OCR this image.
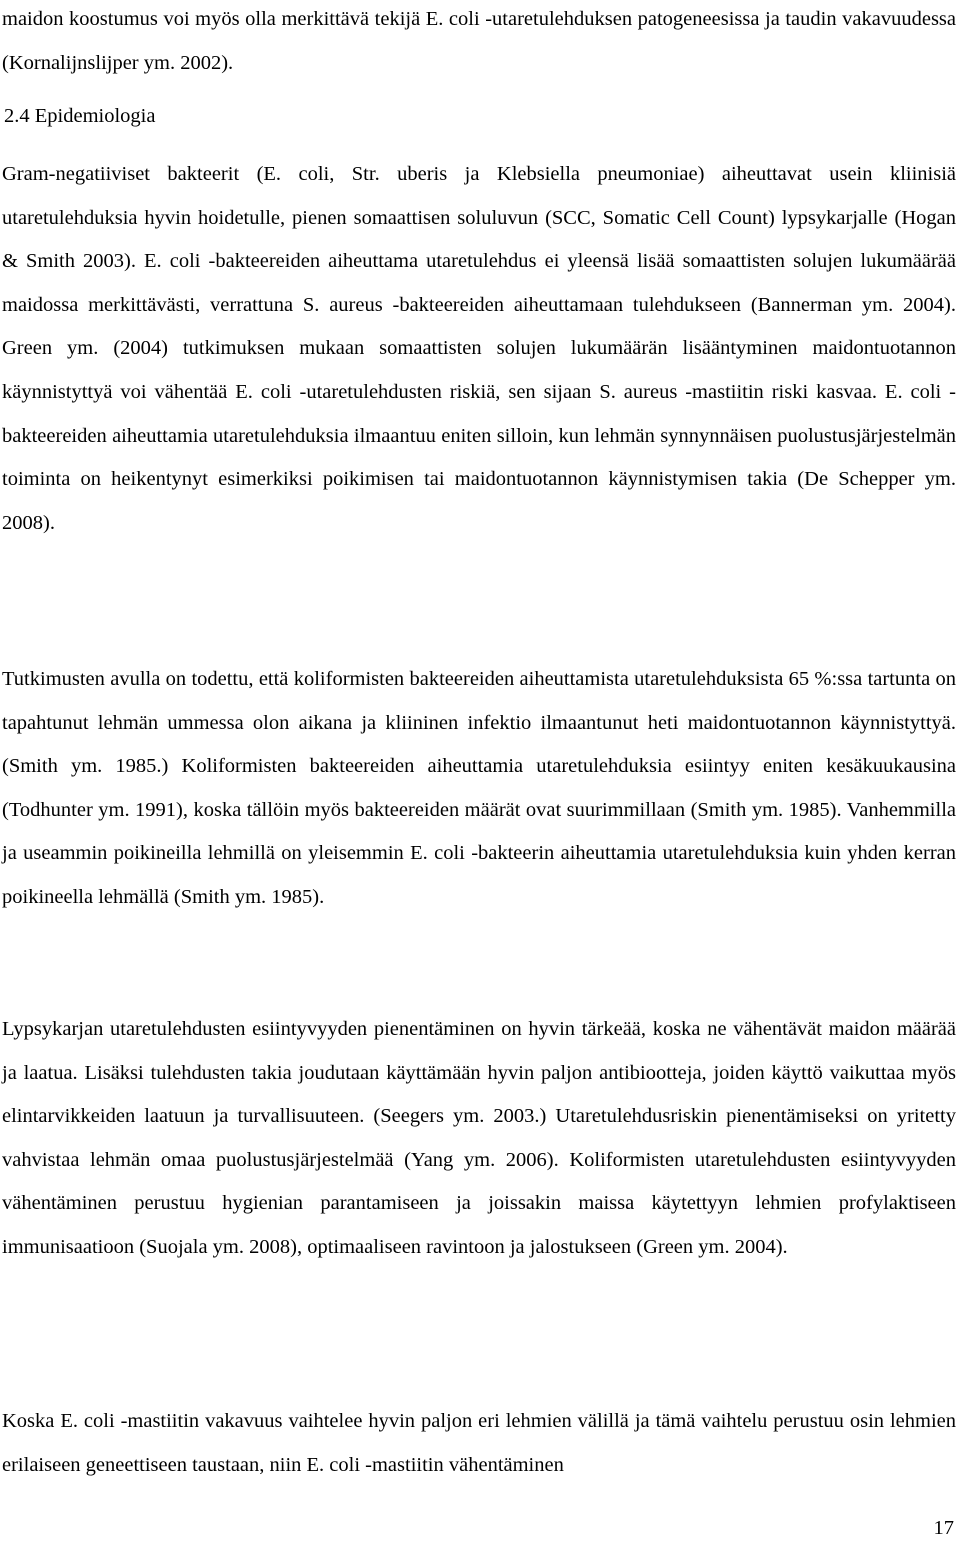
maidon koostumus voi myös olla merkittävä tekijä E. coli -utaretulehduksen patogeneesissa ja taudin vakavuudessa (Kornalijnslijper ym. 2002).

2.4 Epidemiologia

Gram-negatiiviset bakteerit (E. coli, Str. uberis ja Klebsiella pneumoniae) aiheuttavat usein kliinisiä utaretulehduksia hyvin hoidetulle, pienen somaattisen soluluvun (SCC, Somatic Cell Count) lypsykarjalle (Hogan & Smith 2003). E. coli -bakteereiden aiheuttama utaretulehdus ei yleensä lisää somaattisten solujen lukumäärää maidossa merkittävästi, verrattuna S. aureus -bakteereiden aiheuttamaan tulehdukseen (Bannerman ym. 2004). Green ym. (2004) tutkimuksen mukaan somaattisten solujen lukumäärän lisääntyminen maidontuotannon käynnistyttyä voi vähentää E. coli -utaretulehdusten riskiä, sen sijaan S. aureus -mastiitin riski kasvaa. E. coli -bakteereiden aiheuttamia utaretulehduksia ilmaantuu eniten silloin, kun lehmän synnynnäisen puolustusjärjestelmän toiminta on heikentynyt esimerkiksi poikimisen tai maidontuotannon käynnistymisen takia (De Schepper ym. 2008).

Tutkimusten avulla on todettu, että koliformisten bakteereiden aiheuttamista utaretulehduksista 65 %:ssa tartunta on tapahtunut lehmän ummessa olon aikana ja kliininen infektio ilmaantunut heti maidontuotannon käynnistyttyä. (Smith ym. 1985.) Koliformisten bakteereiden aiheuttamia utaretulehduksia esiintyy eniten kesäkuukausina (Todhunter ym. 1991), koska tällöin myös bakteereiden määrät ovat suurimmillaan (Smith ym. 1985). Vanhemmilla ja useammin poikineilla lehmillä on yleisemmin E. coli -bakteerin aiheuttamia utaretulehduksia kuin yhden kerran poikineella lehmällä (Smith ym. 1985).

Lypsykarjan utaretulehdusten esiintyvyyden pienentäminen on hyvin tärkeää, koska ne vähentävät maidon määrää ja laatua. Lisäksi tulehdusten takia joudutaan käyttämään hyvin paljon antibiootteja, joiden käyttö vaikuttaa myös elintarvikkeiden laatuun ja turvallisuuteen. (Seegers ym. 2003.) Utaretulehdusriskin pienentämiseksi on yritetty vahvistaa lehmän omaa puolustusjärjestelmää (Yang ym. 2006). Koliformisten utaretulehdusten esiintyvyyden vähentäminen perustuu hygienian parantamiseen ja joissakin maissa käytettyyn lehmien profylaktiseen immunisaatioon (Suojala ym. 2008), optimaaliseen ravintoon ja jalostukseen (Green ym. 2004).

Koska E. coli -mastiitin vakavuus vaihtelee hyvin paljon eri lehmien välillä ja tämä vaihtelu perustuu osin lehmien erilaiseen geneettiseen taustaan, niin E. coli -mastiitin vähentäminen

17
